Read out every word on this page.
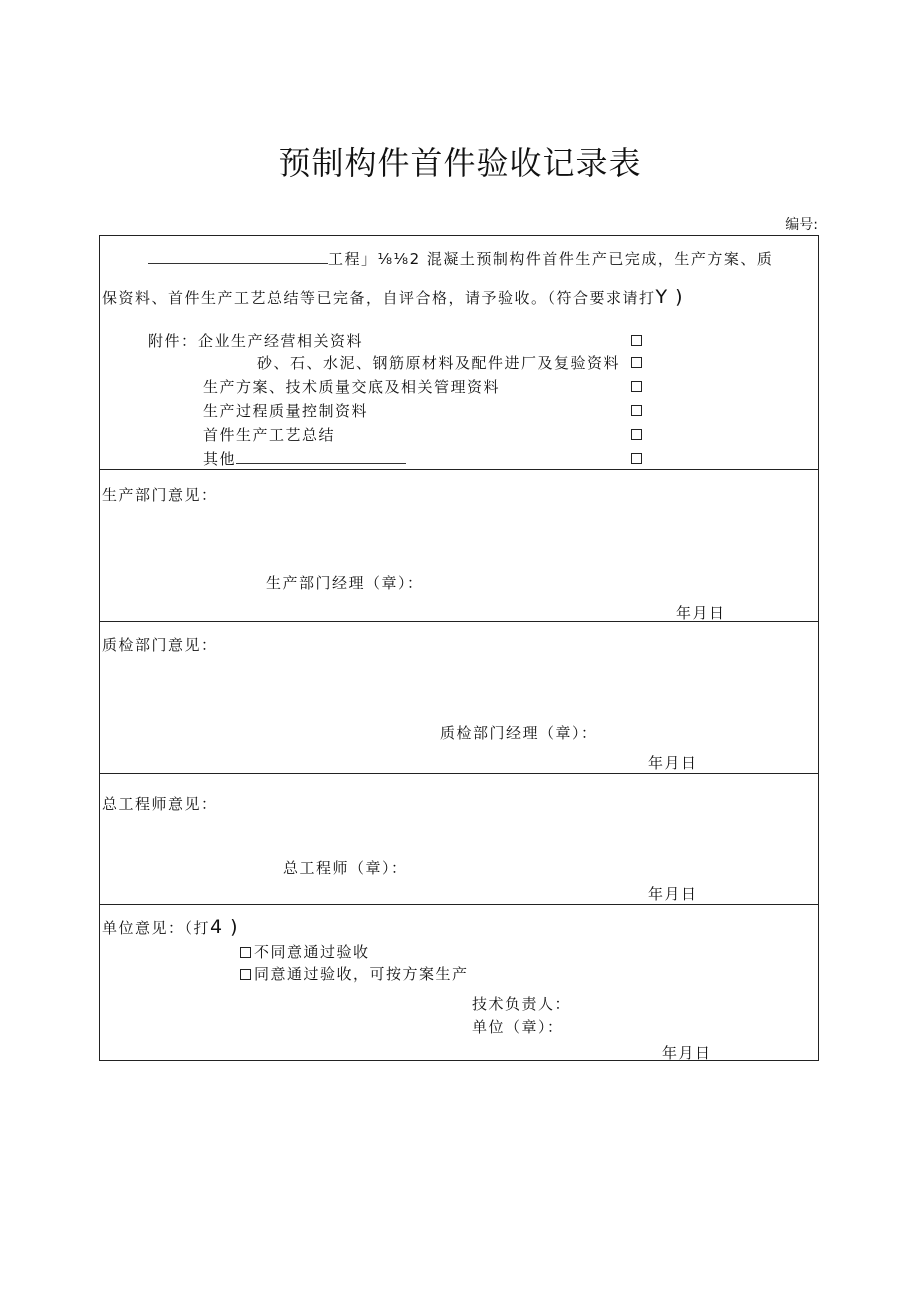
预制构件首件验收记录表
编号:
工程」⅛⅛2 混凝土预制构件首件生产已完成，生产方案、质
保资料、首件生产工艺总结等已完备，自评合格，请予验收。（符合要求请打Y )
附件： 企业生产经营相关资料
砂、石、水泥、钢筋原材料及配件进厂及复验资料
生产方案、技术质量交底及相关管理资料
生产过程质量控制资料
首件生产工艺总结
其他
生产部门意见：
生产部门经理（章）：
年月日
质检部门意见：
质检部门经理（章）：
年月日
总工程师意见：
总工程师（章）：
年月日
单位意见：（打4 )
不同意通过验收
同意通过验收，可按方案生产
技术负责人：
单位（章）：
年月日
